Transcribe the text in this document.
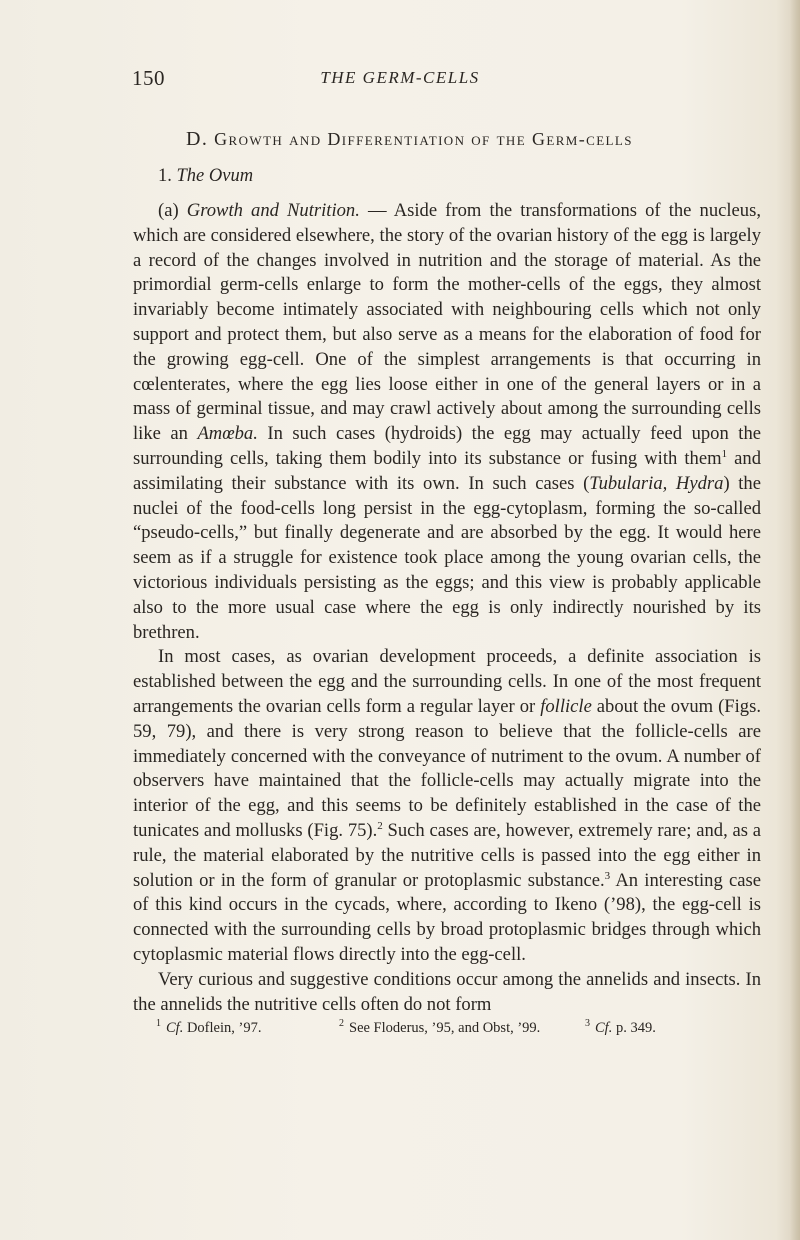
150	THE GERM-CELLS
D. Growth and Differentiation of the Germ-cells
1. The Ovum

(a) Growth and Nutrition. — Aside from the transformations of the nucleus, which are considered elsewhere, the story of the ovarian history of the egg is largely a record of the changes involved in nutrition and the storage of material. As the primordial germ-cells enlarge to form the mother-cells of the eggs, they almost invariably become intimately associated with neighbouring cells which not only support and protect them, but also serve as a means for the elaboration of food for the growing egg-cell. One of the simplest arrangements is that occurring in cœlenterates, where the egg lies loose either in one of the general layers or in a mass of germinal tissue, and may crawl actively about among the surrounding cells like an Amœba. In such cases (hydroids) the egg may actually feed upon the surrounding cells, taking them bodily into its substance or fusing with them$^1$ and assimilating their substance with its own. In such cases (Tubularia, Hydra) the nuclei of the food-cells long persist in the egg-cytoplasm, forming the so-called “pseudo-cells,” but finally degenerate and are absorbed by the egg. It would here seem as if a struggle for existence took place among the young ovarian cells, the victorious individuals persisting as the eggs; and this view is probably applicable also to the more usual case where the egg is only indirectly nourished by its brethren.

In most cases, as ovarian development proceeds, a definite association is established between the egg and the surrounding cells. In one of the most frequent arrangements the ovarian cells form a regular layer or follicle about the ovum (Figs. 59, 79), and there is very strong reason to believe that the follicle-cells are immediately concerned with the conveyance of nutriment to the ovum. A number of observers have maintained that the follicle-cells may actually migrate into the interior of the egg, and this seems to be definitely established in the case of the tunicates and mollusks (Fig. 75).$^2$ Such cases are, however, extremely rare; and, as a rule, the material elaborated by the nutritive cells is passed into the egg either in solution or in the form of granular or protoplasmic substance.$^3$ An interesting case of this kind occurs in the cycads, where, according to Ikeno (’98), the egg-cell is connected with the surrounding cells by broad protoplasmic bridges through which cytoplasmic material flows directly into the egg-cell.

Very curious and suggestive conditions occur among the annelids and insects. In the annelids the nutritive cells often do not form

$^1$ Cf. Doflein, ’97.	$^2$ See Floderus, ’95, and Obst, ’99.	$^3$ Cf. p. 349.
